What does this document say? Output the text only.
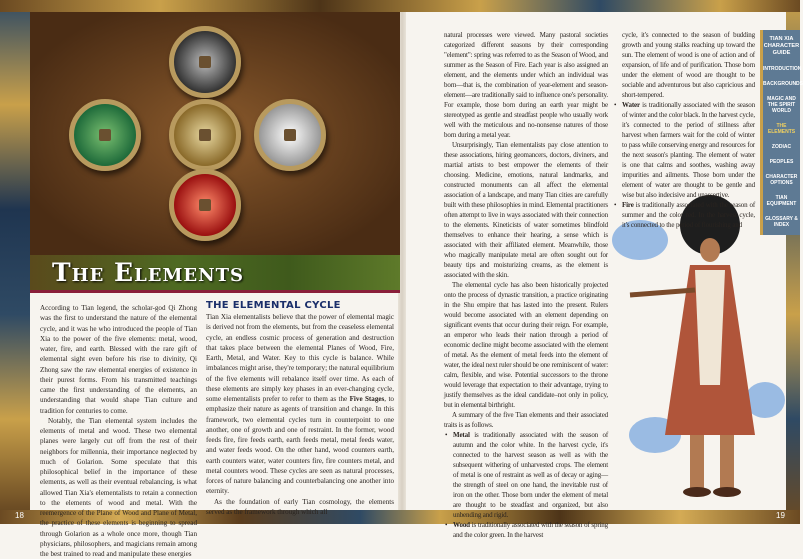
The Elements

According to Tian legend, the scholar-god Qi Zhong was the first to understand the nature of the elemental cycle, and it was he who introduced the people of Tian Xia to the power of the five elements: metal, wood, water, fire, and earth. Blessed with the rare gift of elemental sight even before his rise to divinity, Qi Zhong saw the raw elemental energies of existence in their purest forms. From his transmitted teachings came the first understanding of the elements, an understanding that would shape Tian culture and tradition for centuries to come.

Notably, the Tian elemental system includes the elements of metal and wood. These two elemental planes were largely cut off from the rest of their neighbors for millennia, their importance neglected by much of Golarion. Some speculate that this philosophical belief in the importance of these elements, as well as their eventual rebalancing, is what allowed Tian Xia's elementalists to retain a connection to the elements of wood and metal. With the reemergence of the Plane of Wood and Plane of Metal, the practice of these elements is beginning to spread through Golarion as a whole once more, though Tian physicians, philosophers, and magicians remain among the best trained to read and manipulate these energies

THE ELEMENTAL CYCLE

Tian Xia elementalists believe that the power of elemental magic is derived not from the elements, but from the ceaseless elemental cycle, an endless cosmic process of generation and destruction that takes place between the elemental Planes of Wood, Fire, Earth, Metal, and Water. Key to this cycle is balance. While imbalances might arise, they're temporary; the natural equilibrium of the five elements will rebalance itself over time. As each of these elements are simply key phases in an ever-changing cycle, some elementalists prefer to refer to them as the Five Stages, to emphasize their nature as agents of transition and change. In this framework, two elemental cycles turn in counterpoint to one another, one of growth and one of restraint. In the former, wood feeds fire, fire feeds earth, earth feeds metal, metal feeds water, and water feeds wood. On the other hand, wood counters earth, earth counters water, water counters fire, fire counters metal, and metal counters wood. These cycles are seen as natural processes, forces of nature balancing and counterbalancing one another into eternity.

As the foundation of early Tian cosmology, the elements served as the framework through which all

natural processes were viewed. Many pastoral societies categorized different seasons by their corresponding "element": spring was referred to as the Season of Wood, and summer as the Season of Fire. Each year is also assigned an element, and the elements under which an individual was born—that is, the combination of year-element and season-element—are traditionally said to influence one's personality. For example, those born during an earth year might be stereotyped as gentle and steadfast people who usually work well with the meticulous and no-nonsense natures of those born during a metal year.

Unsurprisingly, Tian elementalists pay close attention to these associations, hiring geomancers, doctors, diviners, and martial artists to best empower the elements of their choosing. Medicine, emotions, natural landmarks, and constructed monuments can all affect the elemental association of a landscape, and many Tian cities are carefully built with these philosophies in mind. Elemental practitioners often attempt to live in ways associated with their connection to the elements. Kineticists of water sometimes blindfold themselves to enhance their hearing, a sense which is associated with their affiliated element. Meanwhile, those who magically manipulate metal are often sought out for beauty tips and moisturizing creams, as the element is associated with the skin.

The elemental cycle has also been historically projected onto the process of dynastic transition, a practice originating in the Shu empire that has lasted into the present. Rulers would become associated with an element depending on significant events that occur during their reign. For example, an emperor who leads their nation through a period of economic decline might become associated with the element of metal. As the element of metal feeds into the element of water, the ideal next ruler should be one reminiscent of water: calm, flexible, and wise. Potential successors to the throne would leverage that expectation to their advantage, trying to justify themselves as the ideal candidate–not only in policy, but in elemental birthright.

A summary of the five Tian elements and their associated traits is as follows.

• Metal is traditionally associated with the season of autumn and the color white. In the harvest cycle, it's connected to the harvest season as well as with the subsequent withering of unharvested crops. The element of metal is one of restraint as well as of decay or aging—the strength of steel on one hand, the inevitable rust of iron on the other. Those born under the element of metal are thought to be steadfast and organized, but also unbending and rigid.
• Wood is traditionally associated with the season of spring and the color green. In the harvest

cycle, it's connected to the season of budding growth and young stalks reaching up toward the sun. The element of wood is one of action and of expansion, of life and of purification. Those born under the element of wood are thought to be sociable and adventurous but also capricious and short-tempered.

• Water is traditionally associated with the season of winter and the color black. In the harvest cycle, it's connected to the period of stillness after harvest when farmers wait for the cold of winter to pass while conserving energy and resources for the next season's planting. The element of water is one that calms and soothes, washing away impurities and ailments. Those born under the element of water are thought to be gentle and wise but also indecisive and unassertive.
• Fire is traditionally associated with the season of summer and the color red. In the harvest cycle, it's connected to the period of flourishing and
TIAN XIA CHARACTER GUIDE
INTRODUCTION
BACKGROUNDS
MAGIC AND THE SPIRIT WORLD
THE ELEMENTS
ZODIAC
PEOPLES
CHARACTER OPTIONS
TIAN EQUIPMENT
GLOSSARY & INDEX
18	19
